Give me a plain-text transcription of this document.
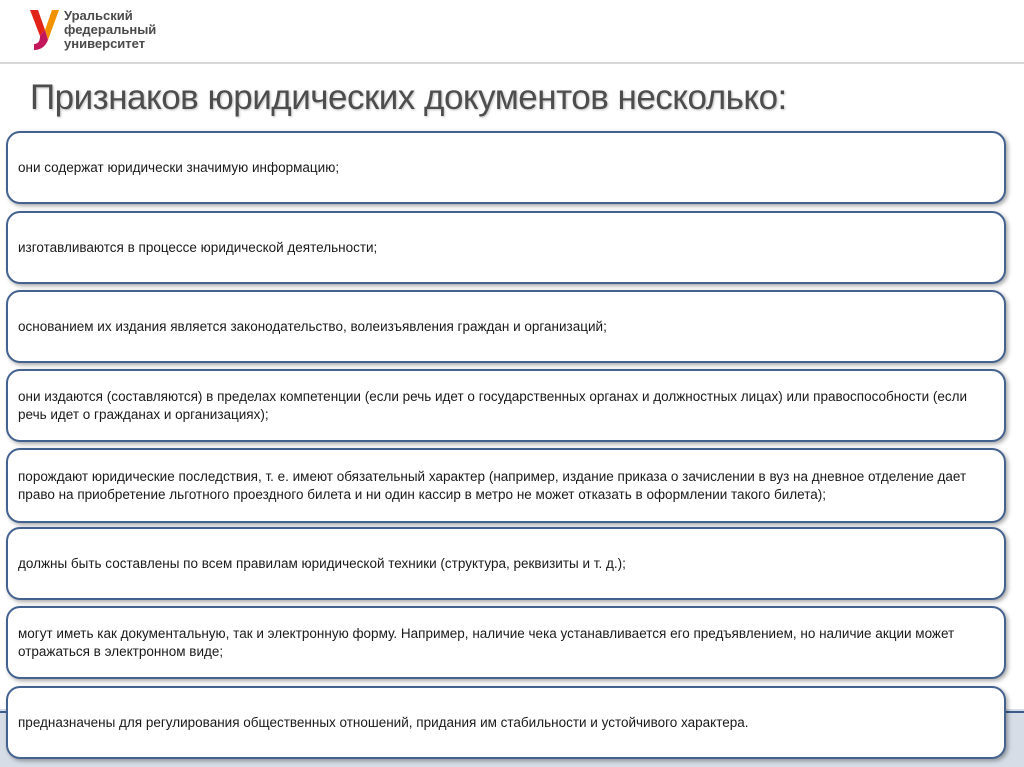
Уральский
федеральный
университет
Признаков юридических документов несколько:
они содержат юридически значимую информацию;
изготавливаются в процессе юридической деятельности;
основанием их издания является законодательство, волеизъявления граждан и организаций;
они издаются (составляются) в пределах компетенции (если речь идет о государственных органах и должностных лицах) или правоспособности (если речь идет о гражданах и организациях);
порождают юридические последствия, т. е. имеют обязательный характер (например, издание приказа о зачислении в вуз на дневное отделение дает право на приобретение льготного проездного билета и ни один кассир в метро не может отказать в оформлении такого билета);
должны быть составлены по всем правилам юридической техники (структура, реквизиты и т. д.);
могут иметь как документальную, так и электронную форму. Например, наличие чека устанавливается его предъявлением, но наличие акции может отражаться в электронном виде;
предназначены для регулирования общественных отношений, придания им стабильности и устойчивого характера.
